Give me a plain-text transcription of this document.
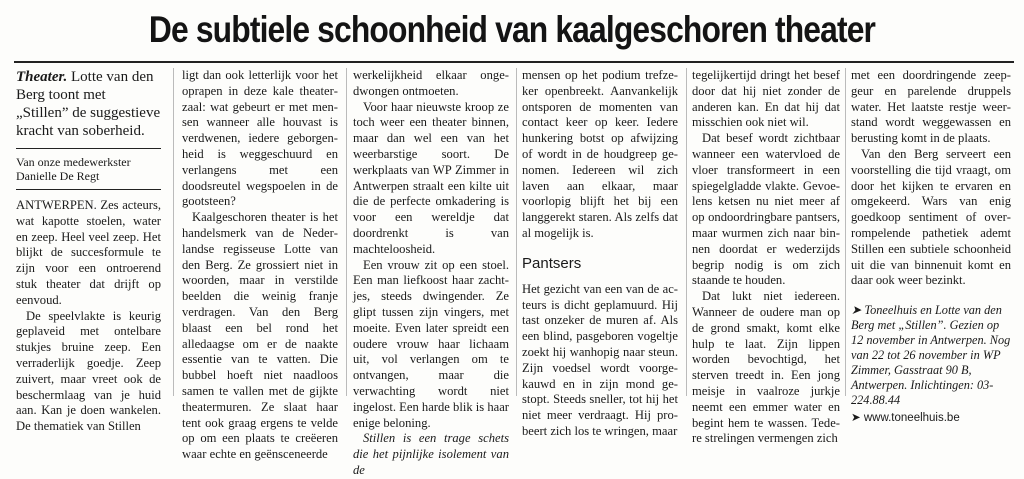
De subtiele schoonheid van kaalgeschoren theater
Theater. Lotte van den Berg toont met „Stillen” de suggestieve kracht van soberheid.
Van onze medewerkster
Danielle De Regt

ANTWERPEN. Zes acteurs, wat kapotte stoelen, water en zeep. Heel veel zeep. Het blijkt de succesformule te zijn voor een ontroerend stuk theater dat drijft op eenvoud.

De speelvlakte is keurig geplaveid met ontelbare stukjes bruine zeep. Een verraderlijk goedje. Zeep zuivert, maar vreet ook de beschermlaag van je huid aan. Kan je doen wankelen. De thematiek van Stillen

ligt dan ook letterlijk voor het oprapen in deze kale theaterzaal: wat gebeurt er met mensen wanneer alle houvast is verdwenen, iedere geborgenheid is weggeschuurd en verlangens met een doodsreutel wegspoelen in de gootsteen?

Kaalgeschoren theater is het handelsmerk van de Nederlandse regisseuse Lotte van den Berg. Ze grossiert niet in woorden, maar in verstilde beelden die weinig franje verdragen. Van den Berg blaast een bel rond het alledaagse om er de naakte essentie van te vatten. Die bubbel hoeft niet naadloos samen te vallen met de gijkte theatermuren. Ze slaat haar tent ook graag ergens te velde op om een plaats te creëeren waar echte en geënsceneerde

werkelijkheid elkaar ongedwongen ontmoeten.

Voor haar nieuwste kroop ze toch weer een theater binnen, maar dan wel een van het weerbarstige soort. De werkplaats van WP Zimmer in Antwerpen straalt een kilte uit die de perfecte omkadering is voor een wereldje dat doordrenkt is van machteloosheid.

Een vrouw zit op een stoel. Een man liefkoost haar zachtjes, steeds dwingender. Ze glipt tussen zijn vingers, met moeite. Even later spreidt een oudere vrouw haar lichaam uit, vol verlangen om te ontvangen, maar die verwachting wordt niet ingelost. Een harde blik is haar enige beloning.

Stillen is een trage schets die het pijnlijke isolement van de

mensen op het podium trefzeker openbreekt. Aanvankelijk ontsporen de momenten van contact keer op keer. Iedere hunkering botst op afwijzing of wordt in de houdgreep genomen. Iedereen wil zich laven aan elkaar, maar voorlopig blijft het bij een langgerekt staren. Als zelfs dat al mogelijk is.

Pantsers

Het gezicht van een van de acteurs is dicht geplamuurd. Hij tast onzeker de muren af. Als een blind, pasgeboren vogeltje zoekt hij wanhopig naar steun. Zijn voedsel wordt voorgekauwd en in zijn mond gestopt. Steeds sneller, tot hij het niet meer verdraagt. Hij probeert zich los te wringen, maar

tegelijkertijd dringt het besef door dat hij niet zonder de anderen kan. En dat hij dat misschien ook niet wil.

Dat besef wordt zichtbaar wanneer een watervloed de vloer transformeert in een spiegelgladde vlakte. Gevoelens ketsen nu niet meer af op ondoordringbare pantsers, maar wurmen zich naar binnen doordat er wederzijds begrip nodig is om zich staande te houden.

Dat lukt niet iedereen. Wanneer de oudere man op de grond smakt, komt elke hulp te laat. Zijn lippen worden bevochtigd, het sterven treedt in. Een jong meisje in vaalroze jurkje neemt een emmer water en begint hem te wassen. Tedere strelingen vermengen zich

met een doordringende zeepgeur en parelende druppels water. Het laatste restje weerstand wordt weggewassen en berusting komt in de plaats.

Van den Berg serveert een voorstelling die tijd vraagt, om door het kijken te ervaren en omgekeerd. Wars van enig goedkoop sentiment of overrompelende pathetiek ademt Stillen een subtiele schoonheid uit die van binnenuit komt en daar ook weer bezinkt.

➤ Toneelhuis en Lotte van den Berg met „Stillen”. Gezien op 12 november in Antwerpen. Nog van 22 tot 26 november in WP Zimmer, Gasstraat 90 B, Antwerpen. Inlichtingen: 03-224.88.44

➤ www.toneelhuis.be
